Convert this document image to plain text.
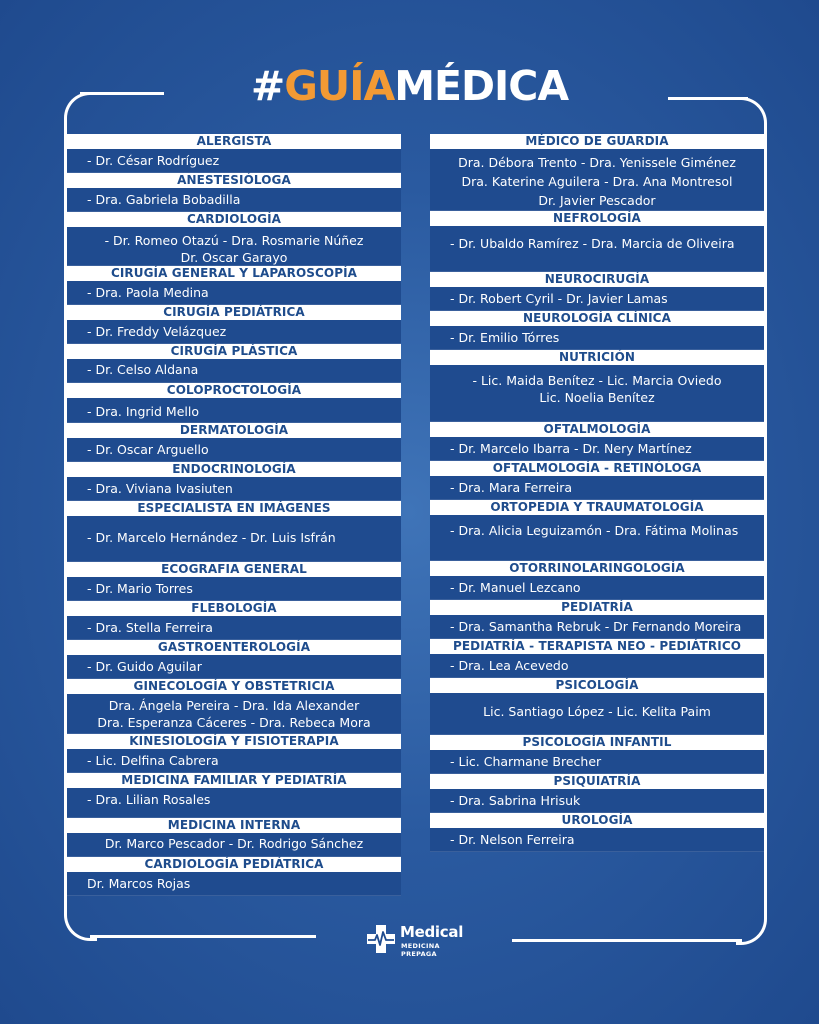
#GUÍAMÉDICA
ALERGISTA
- Dr. César Rodríguez
ANESTESIÓLOGA
- Dra. Gabriela Bobadilla
CARDIOLOGÍA
- Dr. Romeo Otazú - Dra. Rosmarie Núñez
Dr. Oscar Garayo
CIRUGÍA GENERAL Y LAPAROSCOPÍA
- Dra. Paola Medina
CIRUGÍA PEDIÁTRICA
- Dr. Freddy Velázquez
CIRUGÍA PLÁSTICA
- Dr. Celso Aldana
COLOPROCTOLOGÍA
- Dra. Ingrid Mello
DERMATOLOGÍA
- Dr. Oscar Arguello
ENDOCRINOLOGÍA
- Dra. Viviana Ivasiuten
ESPECIALISTA EN IMÁGENES
- Dr. Marcelo Hernández - Dr. Luis Isfrán
ECOGRAFIA GENERAL
- Dr. Mario Torres
FLEBOLOGÍA
- Dra. Stella Ferreira
GASTROENTEROLOGÍA
- Dr. Guido Aguilar
GINECOLOGÍA Y OBSTETRICIA
Dra. Ángela Pereira - Dra. Ida Alexander
Dra. Esperanza Cáceres - Dra. Rebeca Mora
KINESIOLOGÍA Y FISIOTERAPIA
- Lic. Delfina Cabrera
MEDICINA FAMILIAR Y PEDIATRÍA
- Dra. Lilian Rosales
MEDICINA INTERNA
Dr. Marco Pescador - Dr. Rodrigo Sánchez
CARDIOLOGÍA PEDIÁTRICA
Dr. Marcos Rojas
MÉDICO DE GUARDIA
Dra. Débora Trento - Dra. Yenissele Giménez
Dra. Katerine Aguilera - Dra. Ana Montresol
Dr. Javier Pescador
NEFROLOGÍA
- Dr. Ubaldo Ramírez - Dra. Marcia de Oliveira
NEUROCIRUGÍA
- Dr. Robert Cyril - Dr. Javier Lamas
NEUROLOGÍA CLÍNICA
- Dr. Emilio Tórres
NUTRICIÓN
- Lic. Maida Benítez - Lic. Marcia Oviedo
Lic. Noelia Benítez
OFTALMOLOGÍA
- Dr. Marcelo Ibarra - Dr. Nery Martínez
OFTALMOLOGÍA - RETINÓLOGA
- Dra. Mara Ferreira
ORTOPEDIA Y TRAUMATOLOGÍA
- Dra. Alicia Leguizamón - Dra. Fátima Molinas
OTORRINOLARINGOLOGÍA
- Dr. Manuel Lezcano
PEDIATRÍA
- Dra. Samantha Rebruk - Dr Fernando Moreira
PEDIATRÍA - TERAPISTA NEO - PEDIÁTRICO
- Dra. Lea Acevedo
PSICOLOGÍA
Lic. Santiago López - Lic. Kelita Paim
PSICOLOGÍA INFANTIL
- Lic. Charmane Brecher
PSIQUIATRÍA
- Dra. Sabrina Hrisuk
UROLOGÍA
- Dr. Nelson Ferreira
Medical
MEDICINA PREPAGA
